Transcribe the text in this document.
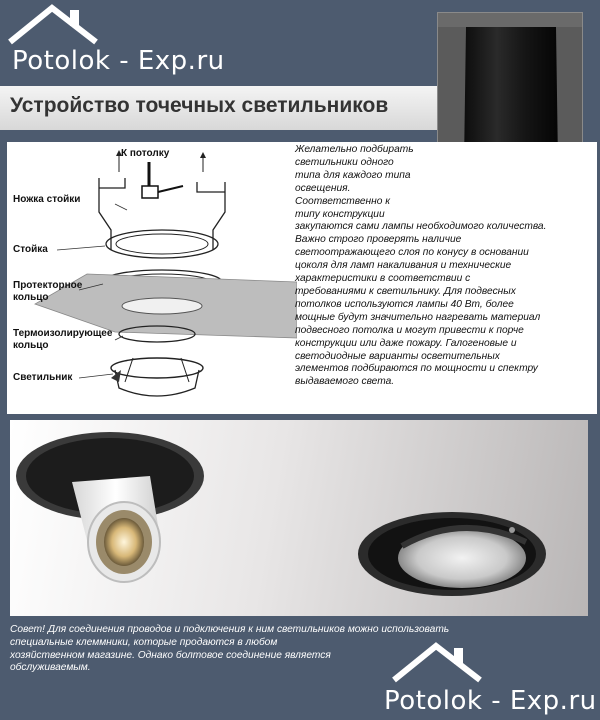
Potolok - Exp.ru
Устройство точечных светильников
К потолку
Ножка стойки
Стойка
Протекторное
кольцо
Термоизолирующее
кольцо
Светильник
Желательно подбирать
светильники одного
типа для каждого типа
освещения.
Соответственно к
типу конструкции
закупаются сами лампы необходимого количества.
Важно строго проверять наличие
светоотражающего слоя по конусу в основании
цоколя для ламп накаливания и технические
характеристики в соответствии с
требованиями к светильнику. Для подвесных
потолков используются лампы 40 Вт, более
мощные будут значительно нагревать материал
подвесного потолка и могут привести к порче
конструкции или даже пожару. Галогеновые и
светодиодные варианты осветительных
элементов подбираются по мощности и спектру
выдаваемого света.
Совет! Для соединения проводов и подключения к ним светильников можно использовать
специальные клеммники, которые продаются в любом
хозяйственном магазине. Однако болтовое соединение является
обслуживаемым.
Potolok - Exp.ru
